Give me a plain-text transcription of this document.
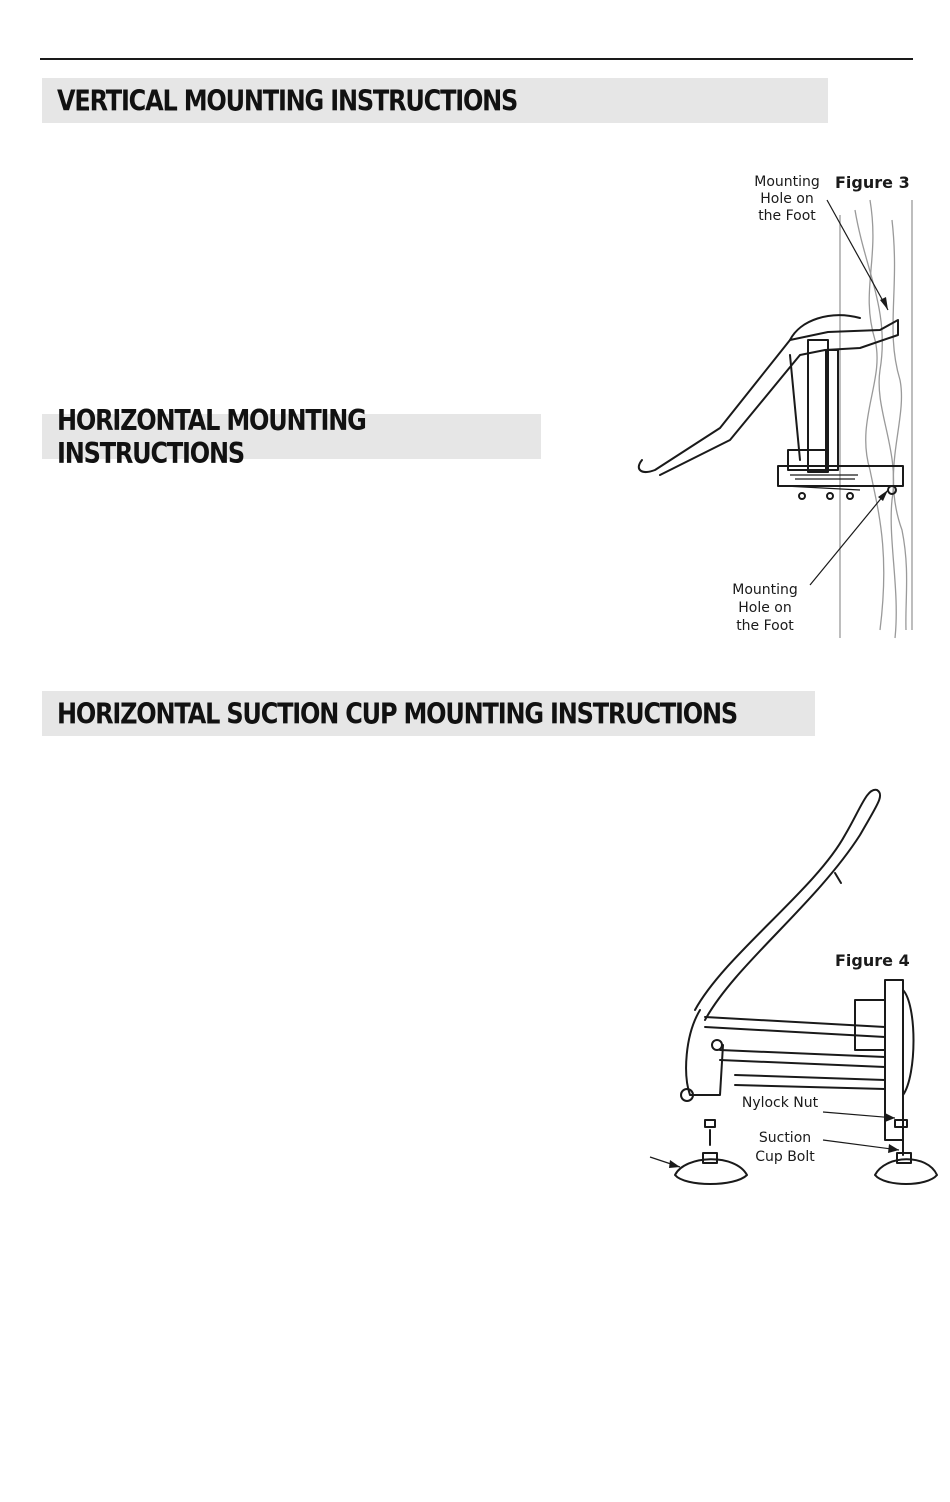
VERTICAL MOUNTING INSTRUCTIONS
HORIZONTAL MOUNTING INSTRUCTIONS
HORIZONTAL SUCTION CUP MOUNTING INSTRUCTIONS
Figure 3
Mounting
Hole on
the Foot
Mounting
Hole on
the Foot
Figure 4
Nylock Nut
Suction
Cup Bolt
